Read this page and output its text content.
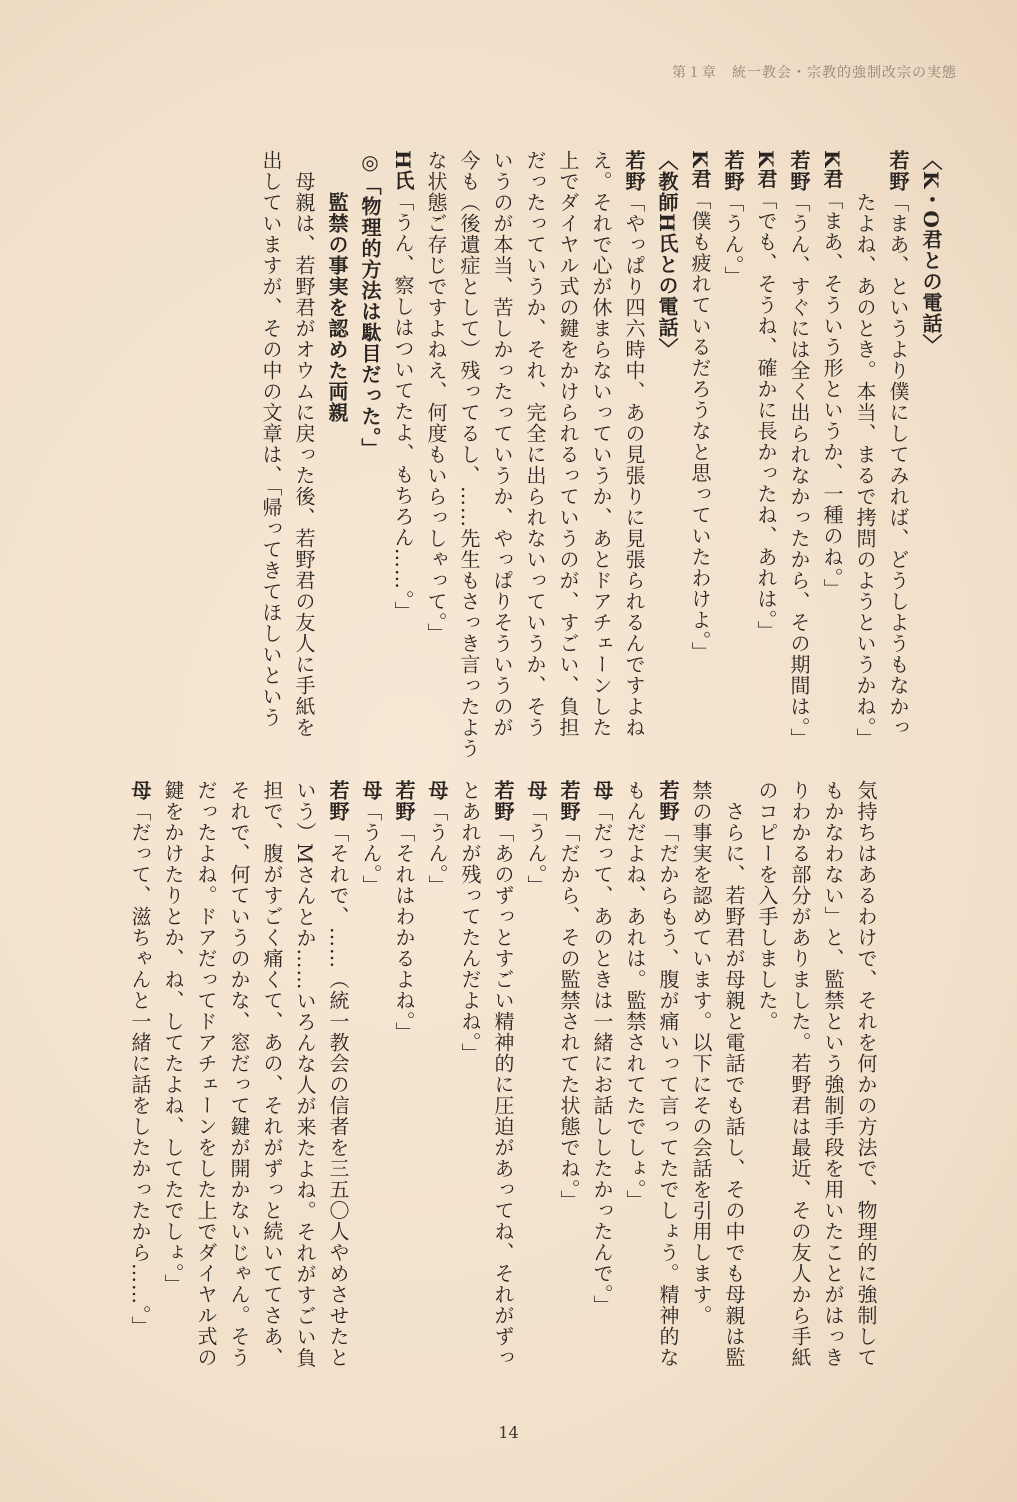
第１章　統一教会・宗教的強制改宗の実態

〈K・O君との電話〉

若野「まあ、というより僕にしてみれば、どうしようもなかっ

　　たよね、あのとき。本当、まるで拷問のようというかね。」

K君「まあ、そういう形というか、一種のね。」

若野「うん、すぐには全く出られなかったから、その期間は。」

K君「でも、そうね、確かに長かったね、あれは。」

若野「うん。」

K君「僕も疲れているだろうなと思っていたわけよ。」

〈教師H氏との電話〉

若野「やっぱり四六時中、あの見張りに見張られるんですよね

え。それで心が休まらないっていうか、あとドアチェーンした

上でダイヤル式の鍵をかけられるっていうのが、すごい、負担

だったっていうか、それ、完全に出られないっていうか、そう

いうのが本当、苦しかったっていうか、やっぱりそういうのが

今も（後遺症として）残ってるし、……先生もさっき言ったよう

な状態ご存じですよねえ、何度もいらっしゃって。」

H氏「うん、察しはついてたよ、もちろん……。」

◎「物理的方法は駄目だった。」

　　監禁の事実を認めた両親

　母親は、若野君がオウムに戻った後、若野君の友人に手紙を

出していますが、その中の文章は、「帰ってきてほしいという

気持ちはあるわけで、それを何かの方法で、物理的に強制して

もかなわない」と、監禁という強制手段を用いたことがはっき

りわかる部分がありました。若野君は最近、その友人から手紙

のコピーを入手しました。

　さらに、若野君が母親と電話でも話し、その中でも母親は監

禁の事実を認めています。以下にその会話を引用します。

若野「だからもう、腹が痛いって言ってたでしょう。精神的な

もんだよね、あれは。監禁されてたでしょ。」

母「だって、あのときは一緒にお話ししたかったんで。」

若野「だから、その監禁されてた状態でね。」

母「うん。」

若野「あのずっとすごい精神的に圧迫があってね、それがずっ

とあれが残ってたんだよね。」

母「うん。」

若野「それはわかるよね。」

母「うん。」

若野「それで、……（統一教会の信者を三五〇人やめさせたと

いう）Mさんとか……いろんな人が来たよね。それがすごい負

担で、腹がすごく痛くて、あの、それがずっと続いててさあ、

それで、何ていうのかな、窓だって鍵が開かないじゃん。そう

だったよね。ドアだってドアチェーンをした上でダイヤル式の

鍵をかけたりとか、ね、してたよね、してたでしょ。」

母「だって、滋ちゃんと一緒に話をしたかったから……。」

14
